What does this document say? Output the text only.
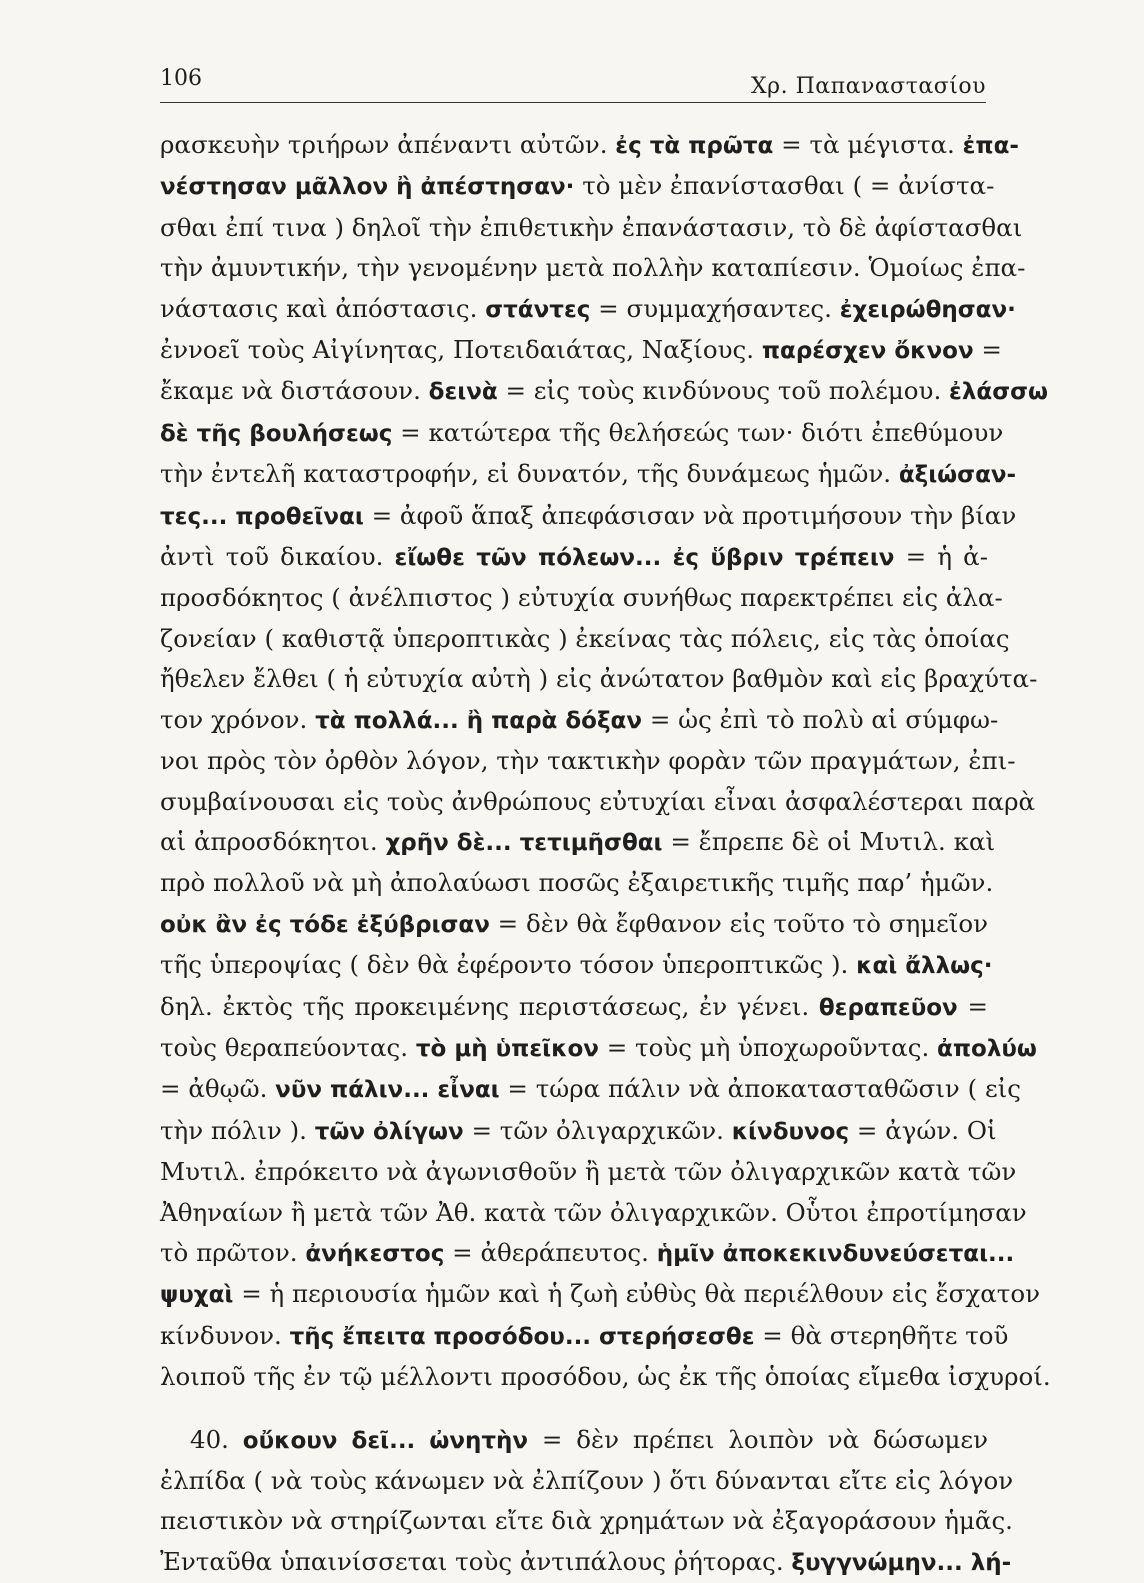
106	Χρ. Παπαναστασίου
ρασκευὴν τριήρων ἀπέναντι αὐτῶν. ἐς τὰ πρῶτα = τὰ μέγιστα. ἐπα-
νέστησαν μᾶλλον ἢ ἀπέστησαν· τὸ μὲν ἐπανίστασθαι ( = ἀνίστα-
σθαι ἐπί τινα ) δηλοῖ τὴν ἐπιθετικὴν ἐπανάστασιν, τὸ δὲ ἀφίστασθαι
τὴν ἀμυντικήν, τὴν γενομένην μετὰ πολλὴν καταπίεσιν. Ὁμοίως ἐπα-
νάστασις καὶ ἀπόστασις. στάντες = συμμαχήσαντες. ἐχειρώθησαν·
ἐννοεῖ τοὺς Αἰγίνητας, Ποτειδαιάτας, Ναξίους. παρέσχεν ὄκνον =
ἔκαμε νὰ διστάσουν. δεινὰ = εἰς τοὺς κινδύνους τοῦ πολέμου. ἐλάσσω
δὲ τῆς βουλήσεως = κατώτερα τῆς θελήσεώς των· διότι ἐπεθύμουν
τὴν ἐντελῆ καταστροφήν, εἰ δυνατόν, τῆς δυνάμεως ἡμῶν. ἀξιώσαν-
τες... προθεῖναι = ἀφοῦ ἅπαξ ἀπεφάσισαν νὰ προτιμήσουν τὴν βίαν
ἀντὶ τοῦ δικαίου. εἴωθε τῶν πόλεων... ἐς ὕβριν τρέπειν = ἡ ἀ-
προσδόκητος ( ἀνέλπιστος ) εὐτυχία συνήθως παρεκτρέπει εἰς ἀλα-
ζονείαν ( καθιστᾷ ὑπεροπτικὰς ) ἐκείνας τὰς πόλεις, εἰς τὰς ὁποίας
ἤθελεν ἔλθει ( ἡ εὐτυχία αὐτὴ ) εἰς ἀνώτατον βαθμὸν καὶ εἰς βραχύτα-
τον χρόνον. τὰ πολλά... ἢ παρὰ δόξαν = ὡς ἐπὶ τὸ πολὺ αἱ σύμφω-
νοι πρὸς τὸν ὀρθὸν λόγον, τὴν τακτικὴν φορὰν τῶν πραγμάτων, ἐπι-
συμβαίνουσαι εἰς τοὺς ἀνθρώπους εὐτυχίαι εἶναι ἀσφαλέστεραι παρὰ
αἱ ἀπροσδόκητοι. χρῆν δὲ... τετιμῆσθαι = ἔπρεπε δὲ οἱ Μυτιλ. καὶ
πρὸ πολλοῦ νὰ μὴ ἀπολαύωσι ποσῶς ἐξαιρετικῆς τιμῆς παρ’ ἡμῶν.
οὐκ ἂν ἐς τόδε ἐξύβρισαν = δὲν θὰ ἔφθανον εἰς τοῦτο τὸ σημεῖον
τῆς ὑπεροψίας ( δὲν θὰ ἐφέροντο τόσον ὑπεροπτικῶς ). καὶ ἄλλως·
δηλ. ἐκτὸς τῆς προκειμένης περιστάσεως, ἐν γένει. θεραπεῦον =
τοὺς θεραπεύοντας. τὸ μὴ ὑπεῖκον = τοὺς μὴ ὑποχωροῦντας. ἀπολύω
= ἀθῳῶ. νῦν πάλιν... εἶναι = τώρα πάλιν νὰ ἀποκατασταθῶσιν ( εἰς
τὴν πόλιν ). τῶν ὀλίγων = τῶν ὀλιγαρχικῶν. κίνδυνος = ἀγών. Οἱ
Μυτιλ. ἐπρόκειτο νὰ ἀγωνισθοῦν ἢ μετὰ τῶν ὀλιγαρχικῶν κατὰ τῶν
Ἀθηναίων ἢ μετὰ τῶν Ἀθ. κατὰ τῶν ὀλιγαρχικῶν. Οὗτοι ἐπροτίμησαν
τὸ πρῶτον. ἀνήκεστος = ἀθεράπευτος. ἡμῖν ἀποκεκινδυνεύσεται...
ψυχαὶ = ἡ περιουσία ἡμῶν καὶ ἡ ζωὴ εὐθὺς θὰ περιέλθουν εἰς ἔσχατον
κίνδυνον. τῆς ἔπειτα προσόδου... στερήσεσθε = θὰ στερηθῆτε τοῦ
λοιποῦ τῆς ἐν τῷ μέλλοντι προσόδου, ὡς ἐκ τῆς ὁποίας εἴμεθα ἰσχυροί.
40. οὔκουν δεῖ... ὠνητὴν = δὲν πρέπει λοιπὸν νὰ δώσωμεν
ἐλπίδα ( νὰ τοὺς κάνωμεν νὰ ἐλπίζουν ) ὅτι δύνανται εἴτε εἰς λόγον
πειστικὸν νὰ στηρίζωνται εἴτε διὰ χρημάτων νὰ ἐξαγοράσουν ἡμᾶς.
Ἐνταῦθα ὑπαινίσσεται τοὺς ἀντιπάλους ῥήτορας. ξυγγνώμην... λή-
